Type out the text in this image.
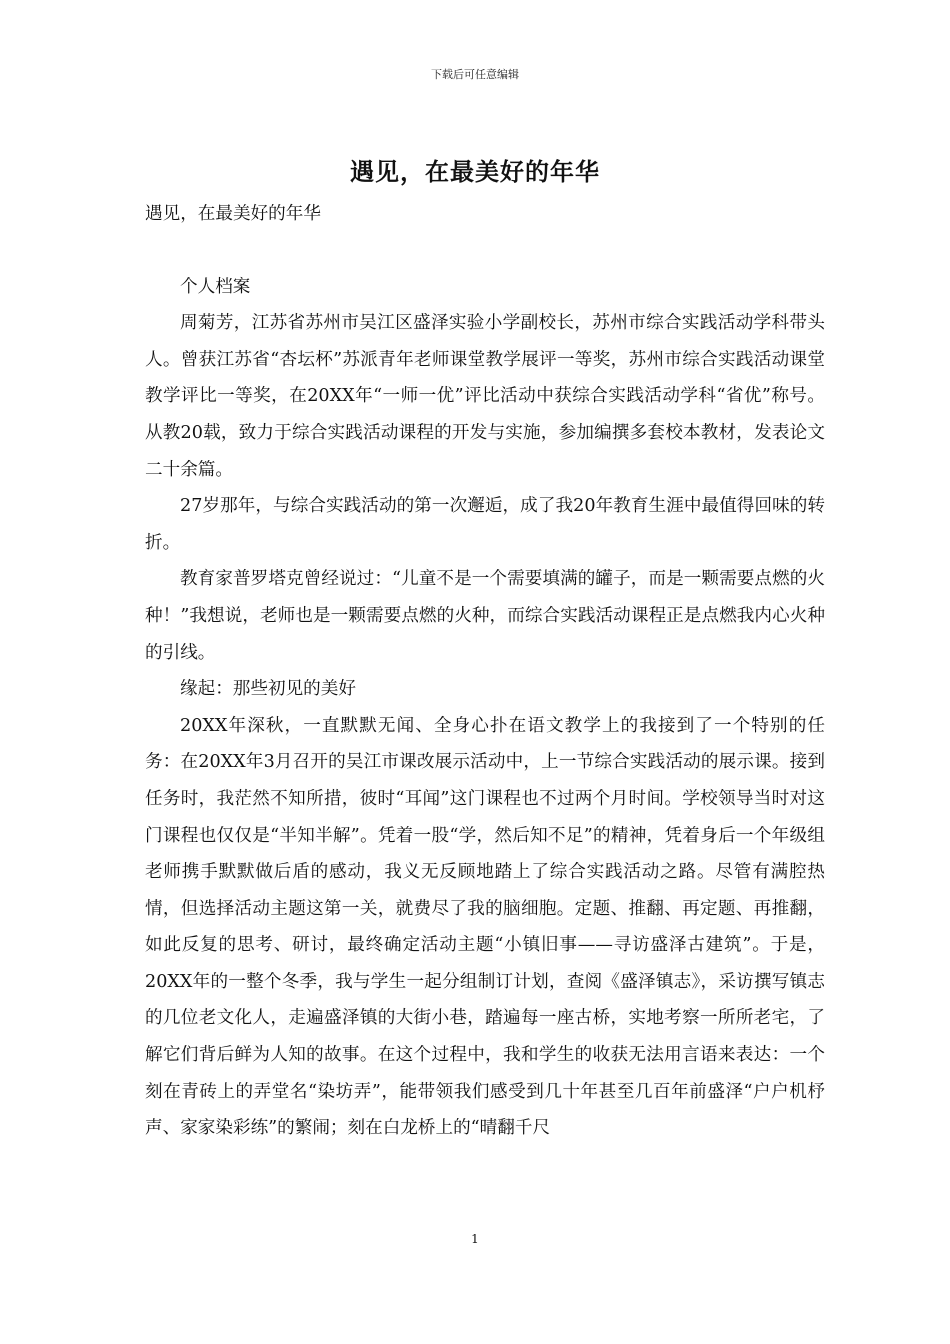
下载后可任意编辑
遇见，在最美好的年华

遇见，在最美好的年华

个人档案

周菊芳，江苏省苏州市吴江区盛泽实验小学副校长，苏州市综合实践活动学科带头人。曾获江苏省“杏坛杯”苏派青年老师课堂教学展评一等奖，苏州市综合实践活动课堂教学评比一等奖，在20XX年“一师一优”评比活动中获综合实践活动学科“省优”称号。从教20载，致力于综合实践活动课程的开发与实施，参加编撰多套校本教材，发表论文二十余篇。

27岁那年，与综合实践活动的第一次邂逅，成了我20年教育生涯中最值得回味的转折。

教育家普罗塔克曾经说过：“儿童不是一个需要填满的罐子，而是一颗需要点燃的火种！”我想说，老师也是一颗需要点燃的火种，而综合实践活动课程正是点燃我内心火种的引线。

缘起：那些初见的美好

20XX年深秋，一直默默无闻、全身心扑在语文教学上的我接到了一个特别的任务：在20XX年3月召开的吴江市课改展示活动中，上一节综合实践活动的展示课。接到任务时，我茫然不知所措，彼时“耳闻”这门课程也不过两个月时间。学校领导当时对这门课程也仅仅是“半知半解”。凭着一股“学，然后知不足”的精神，凭着身后一个年级组老师携手默默做后盾的感动，我义无反顾地踏上了综合实践活动之路。尽管有满腔热情，但选择活动主题这第一关，就费尽了我的脑细胞。定题、推翻、再定题、再推翻，如此反复的思考、研讨，最终确定活动主题“小镇旧事——寻访盛泽古建筑”。于是，20XX年的一整个冬季，我与学生一起分组制订计划，查阅《盛泽镇志》，采访撰写镇志的几位老文化人，走遍盛泽镇的大街小巷，踏遍每一座古桥，实地考察一所所老宅，了解它们背后鲜为人知的故事。在这个过程中，我和学生的收获无法用言语来表达：一个刻在青砖上的弄堂名“染坊弄”，能带领我们感受到几十年甚至几百年前盛泽“户户机杼声、家家染彩练”的繁闹；刻在白龙桥上的“晴翻千尺

1
